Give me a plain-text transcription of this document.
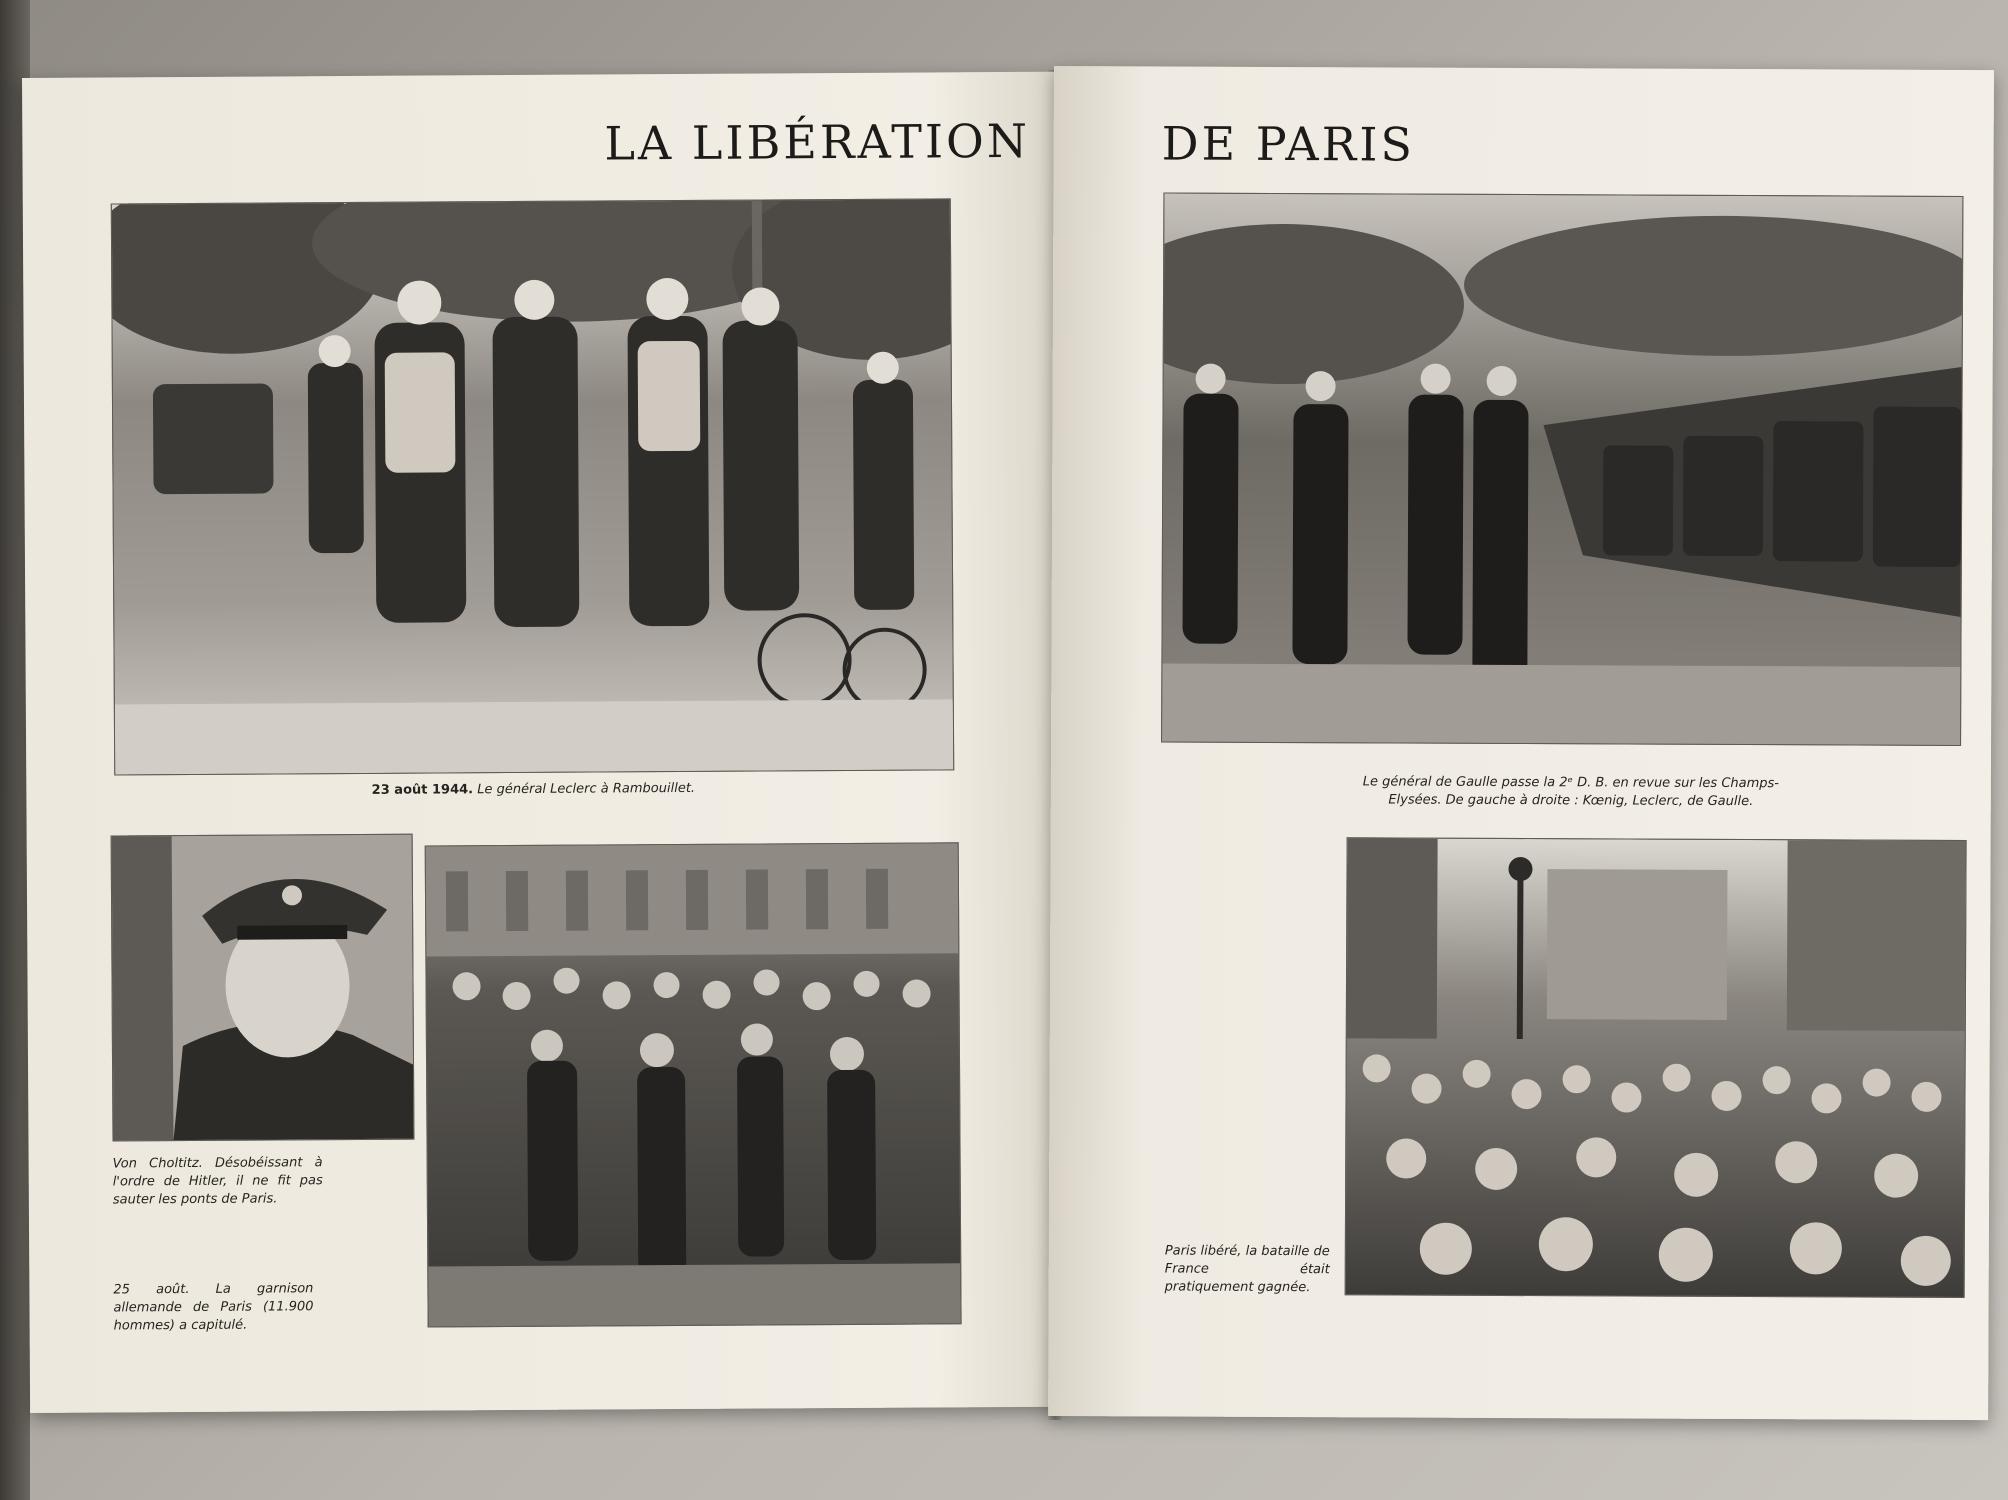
LA LIBÉRATION

23 août 1944. Le général Leclerc à Rambouillet.

Von Choltitz. Désobéissant à l'ordre de Hitler, il ne fit pas sauter les ponts de Paris.

25 août. La garnison allemande de Paris (11.900 hommes) a capitulé.

DE PARIS

Le général de Gaulle passe la 2ᵉ D. B. en revue sur les Champs-
Elysées. De gauche à droite : Kœnig, Leclerc, de Gaulle.

Paris libéré, la bataille de France était pratiquement gagnée.
